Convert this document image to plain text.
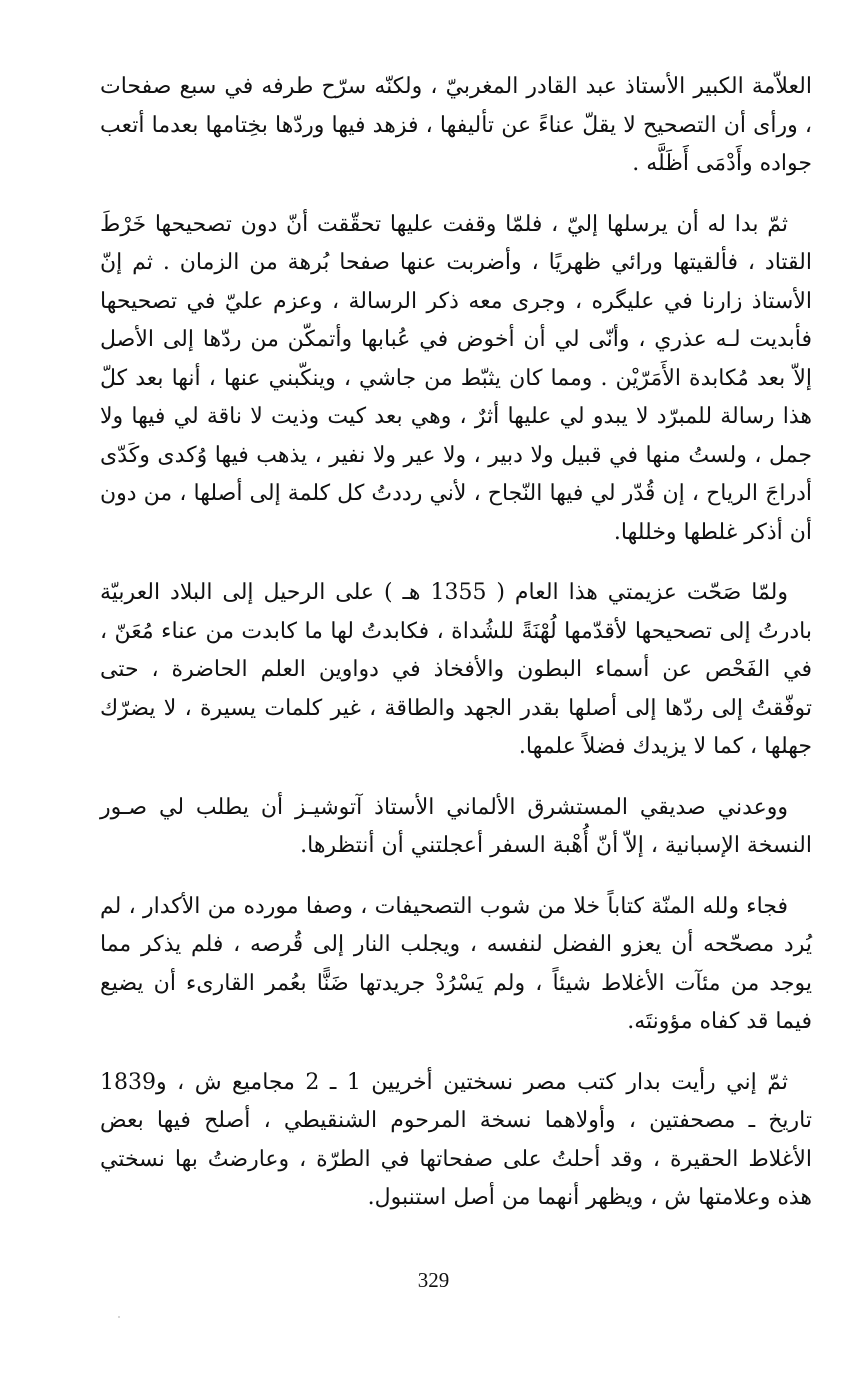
العلاّمة الكبير الأستاذ عبد القادر المغربيّ ، ولكنّه سرّح طرفه في سبع صفحات ، ورأى أن التصحيح لا يقلّ عناءً عن تأليفها ، فزهد فيها وردّها بخِتامها بعدما أتعب جواده وأَدْمَى أَظَلَّه .

ثمّ بدا له أن يرسلها إليّ ، فلمّا وقفت عليها تحقّقت أنّ دون تصحيحها خَرْطَ القتاد ، فألقيتها ورائي ظهريًا ، وأضربت عنها صفحا بُرهة من الزمان . ثم إنّ الأستاذ زارنا في عليگره ، وجرى معه ذكر الرسالة ، وعزم عليّ في تصحيحها فأبديت لـه عذري ، وأنّى لي أن أخوض في عُبابها وأتمكّن من ردّها إلى الأصل إلاّ بعد مُكابدة الأَمَرّيْن . ومما كان يثبّط من جاشي ، وينكّبني عنها ، أنها بعد كلّ هذا رسالة للمبرّد لا يبدو لي عليها أثرٌ ، وهي بعد كيت وذيت لا ناقة لي فيها ولا جمل ، ولستُ منها في قبيل ولا دبير ، ولا عير ولا نفير ، يذهب فيها وُكدى وكَدّى أدراجَ الرياح ، إن قُدّر لي فيها النّجاح ، لأني رددتُ كل كلمة إلى أصلها ، من دون أن أذكر غلطها وخللها.

ولمّا صَحّت عزيمتي هذا العام ( 1355 هـ ) على الرحيل إلى البلاد العربيّة بادرتُ إلى تصحيحها لأقدّمها لُهْنَةً للشُداة ، فكابدتُ لها ما كابدت من عناء مُعَنّ ، في الفَحْص عن أسماء البطون والأفخاذ في دواوين العلم الحاضرة ، حتى توفّقتُ إلى ردّها إلى أصلها بقدر الجهد والطاقة ، غير كلمات يسيرة ، لا يضرّك جهلها ، كما لا يزيدك فضلاً علمها.

ووعدني صديقي المستشرق الألماني الأستاذ آتوشيـز أن يطلب لي صـور النسخة الإسبانية ، إلاّ أنّ أُهْبة السفر أعجلتني أن أنتظرها.

فجاء ولله المنّة كتاباً خلا من شوب التصحيفات ، وصفا مورده من الأكدار ، لم يُرد مصحّحه أن يعزو الفضل لنفسه ، ويجلب النار إلى قُرصه ، فلم يذكر مما يوجد من مئآت الأغلاط شيئاً ، ولم يَسْرُدْ جريدتها ضَنًّا بعُمر القارىء أن يضيع فيما قد كفاه مؤونتَه.

ثمّ إني رأيت بدار كتب مصر نسختين أخريين 1 ـ 2 مجاميع ش ، و1839 تاريخ ـ مصحفتين ، وأولاهما نسخة المرحوم الشنقيطي ، أصلح فيها بعض الأغلاط الحقيرة ، وقد أحلتُ على صفحاتها في الطرّة ، وعارضتُ بها نسختي هذه وعلامتها ش ، ويظهر أنهما من أصل استنبول.

329
